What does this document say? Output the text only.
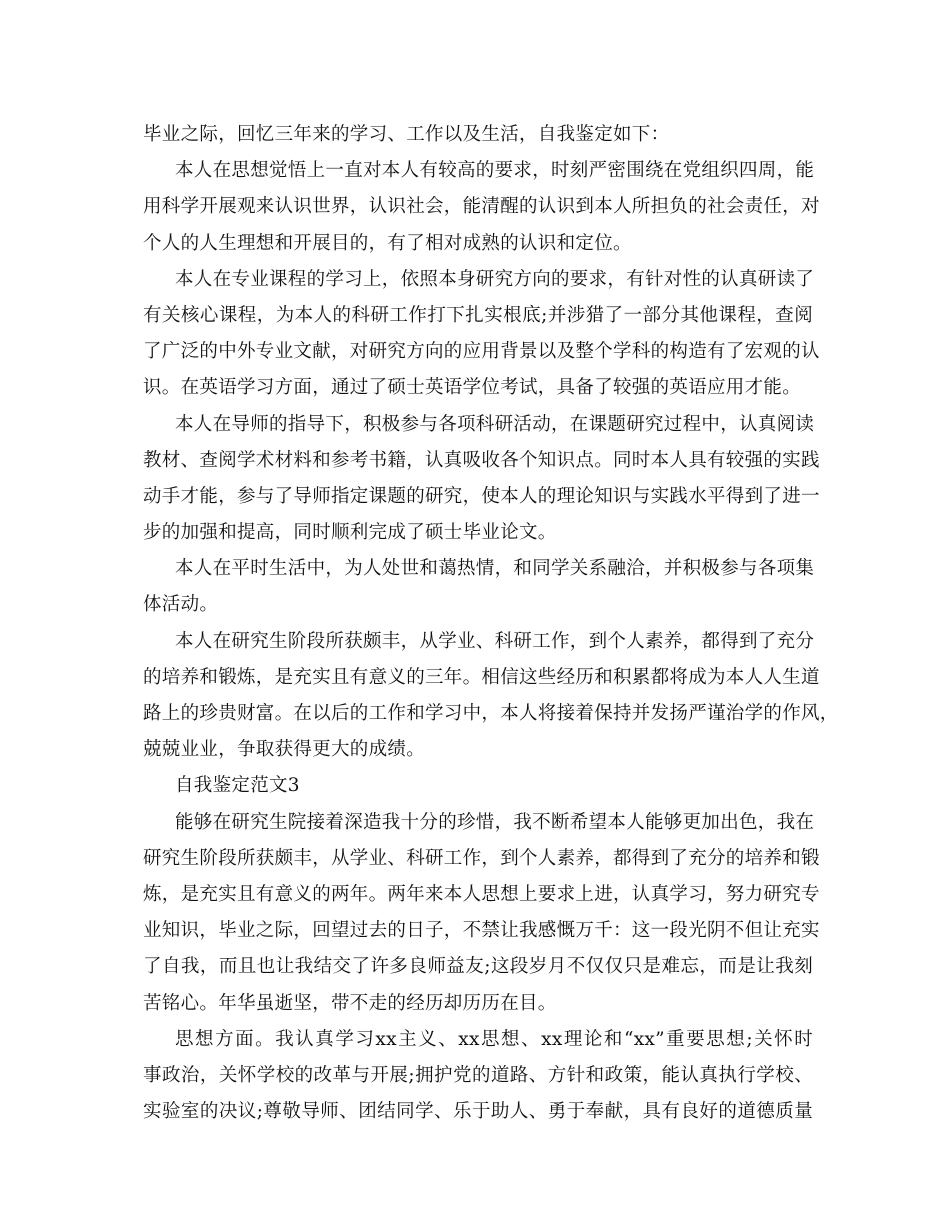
毕业之际，回忆三年来的学习、工作以及生活，自我鉴定如下：
本人在思想觉悟上一直对本人有较高的要求，时刻严密围绕在党组织四周，能
用科学开展观来认识世界，认识社会，能清醒的认识到本人所担负的社会责任，对
个人的人生理想和开展目的，有了相对成熟的认识和定位。
本人在专业课程的学习上，依照本身研究方向的要求，有针对性的认真研读了
有关核心课程，为本人的科研工作打下扎实根底;并涉猎了一部分其他课程，查阅
了广泛的中外专业文献，对研究方向的应用背景以及整个学科的构造有了宏观的认
识。在英语学习方面，通过了硕士英语学位考试，具备了较强的英语应用才能。
本人在导师的指导下，积极参与各项科研活动，在课题研究过程中，认真阅读
教材、查阅学术材料和参考书籍，认真吸收各个知识点。同时本人具有较强的实践
动手才能，参与了导师指定课题的研究，使本人的理论知识与实践水平得到了进一
步的加强和提高，同时顺利完成了硕士毕业论文。
本人在平时生活中，为人处世和蔼热情，和同学关系融洽，并积极参与各项集
体活动。
本人在研究生阶段所获颇丰，从学业、科研工作，到个人素养，都得到了充分
的培养和锻炼，是充实且有意义的三年。相信这些经历和积累都将成为本人人生道
路上的珍贵财富。在以后的工作和学习中，本人将接着保持并发扬严谨治学的作风，
兢兢业业，争取获得更大的成绩。
自我鉴定范文3
能够在研究生院接着深造我十分的珍惜，我不断希望本人能够更加出色，我在
研究生阶段所获颇丰，从学业、科研工作，到个人素养，都得到了充分的培养和锻
炼，是充实且有意义的两年。两年来本人思想上要求上进，认真学习，努力研究专
业知识，毕业之际，回望过去的日子，不禁让我感慨万千：这一段光阴不但让充实
了自我，而且也让我结交了许多良师益友;这段岁月不仅仅只是难忘，而是让我刻
苦铭心。年华虽逝坚，带不走的经历却历历在目。
思想方面。我认真学习xx主义、xx思想、xx理论和“xx”重要思想;关怀时
事政治，关怀学校的改革与开展;拥护党的道路、方针和政策，能认真执行学校、
实验室的决议;尊敬导师、团结同学、乐于助人、勇于奉献，具有良好的道德质量
